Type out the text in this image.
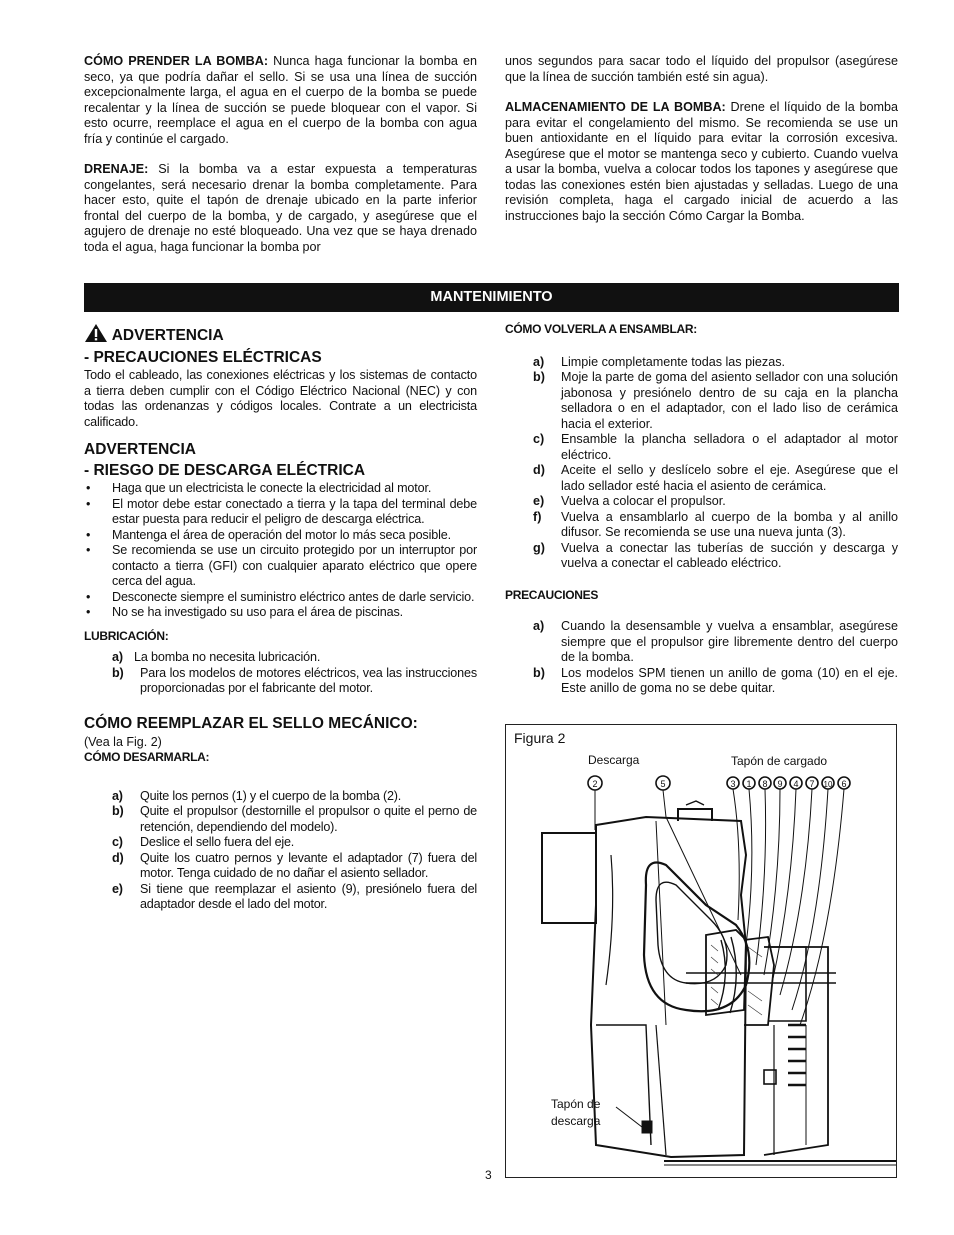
CÓMO PRENDER LA BOMBA: Nunca haga funcionar la bomba en seco, ya que podría dañar el sello. Si se usa una línea de succión excepcionalmente larga, el agua en el cuerpo de la bomba se puede recalentar y la línea de succión se puede bloquear con el vapor. Si esto ocurre, reemplace el agua en el cuerpo de la bomba con agua fría y continúe el cargado.

DRENAJE: Si la bomba va a estar expuesta a temperaturas congelantes, será necesario drenar la bomba completamente. Para hacer esto, quite el tapón de drenaje ubicado en la parte inferior frontal del cuerpo de la bomba, y de cargado, y asegúrese que el agujero de drenaje no esté bloqueado. Una vez que se haya drenado toda el agua, haga funcionar la bomba por

unos segundos para sacar todo el líquido del propulsor (asegúrese que la línea de succión también esté sin agua).

ALMACENAMIENTO DE LA BOMBA: Drene el líquido de la bomba para evitar el congelamiento del mismo. Se recomienda se use un buen antioxidante en el líquido para evitar la corrosión excesiva. Asegúrese que el motor se mantenga seco y cubierto. Cuando vuelva a usar la bomba, vuelva a colocar todos los tapones y asegúrese que todas las conexiones estén bien ajustadas y selladas. Luego de una revisión completa, haga el cargado inicial de acuerdo a las instrucciones bajo la sección Cómo Cargar la Bomba.

MANTENIMIENTO
ADVERTENCIA
- PRECAUCIONES ELÉCTRICAS

Todo el cableado, las conexiones eléctricas y los sistemas de contacto a tierra deben cumplir con el Código Eléctrico Nacional (NEC) y con todas las ordenanzas y códigos locales. Contrate a un electricista calificado.

ADVERTENCIA
- RIESGO DE DESCARGA ELÉCTRICA
• Haga que un electricista le conecte la electricidad al motor.
• El motor debe estar conectado a tierra y la tapa del terminal debe estar puesta para reducir el peligro de descarga eléctrica.
• Mantenga el área de operación del motor lo más seca posible.
• Se recomienda se use un circuito protegido por un interruptor por contacto a tierra (GFI) con cualquier aparato eléctrico que opere cerca del agua.
• Desconecte siempre el suministro eléctrico antes de darle servicio.
• No se ha investigado su uso para el área de piscinas.
LUBRICACIÓN:
a) La bomba no necesita lubricación.
b) Para los modelos de motores eléctricos, vea las instrucciones proporcionadas por el fabricante del motor.
CÓMO REEMPLAZAR EL SELLO MECÁNICO:
(Vea la Fig. 2)
CÓMO DESARMARLA:
a) Quite los pernos (1) y el cuerpo de la bomba (2).
b) Quite el propulsor (destornille el propulsor o quite el perno de retención, dependiendo del modelo).
c) Deslice el sello fuera del eje.
d) Quite los cuatro pernos y levante el adaptador (7) fuera del motor. Tenga cuidado de no dañar el asiento sellador.
e) Si tiene que reemplazar el asiento (9), presiónelo fuera del adaptador desde el lado del motor.
CÓMO VOLVERLA A ENSAMBLAR:
a) Limpie completamente todas las piezas.
b) Moje la parte de goma del asiento sellador con una solución jabonosa y presiónelo dentro de su caja en la plancha selladora o en el adaptador, con el lado liso de cerámica hacia el exterior.
c) Ensamble la plancha selladora o el adaptador al motor eléctrico.
d) Aceite el sello y deslícelo sobre el eje. Asegúrese que el lado sellador esté hacia el asiento de cerámica.
e) Vuelva a colocar el propulsor.
f) Vuelva a ensamblarlo al cuerpo de la bomba y al anillo difusor. Se recomienda se use una nueva junta (3).
g) Vuelva a conectar las tuberías de succión y descarga y vuelva a conectar el cableado eléctrico.
PRECAUCIONES
a) Cuando la desensamble y vuelva a ensamblar, asegúrese siempre que el propulsor gire libremente dentro del cuerpo de la bomba.
b) Los modelos SPM tienen un anillo de goma (10) en el eje. Este anillo de goma no se debe quitar.
Figura 2
Descarga	Tapón de cargado
Tapón de
descarga
2	5	3 1 8 9 4 7 10 6
3
